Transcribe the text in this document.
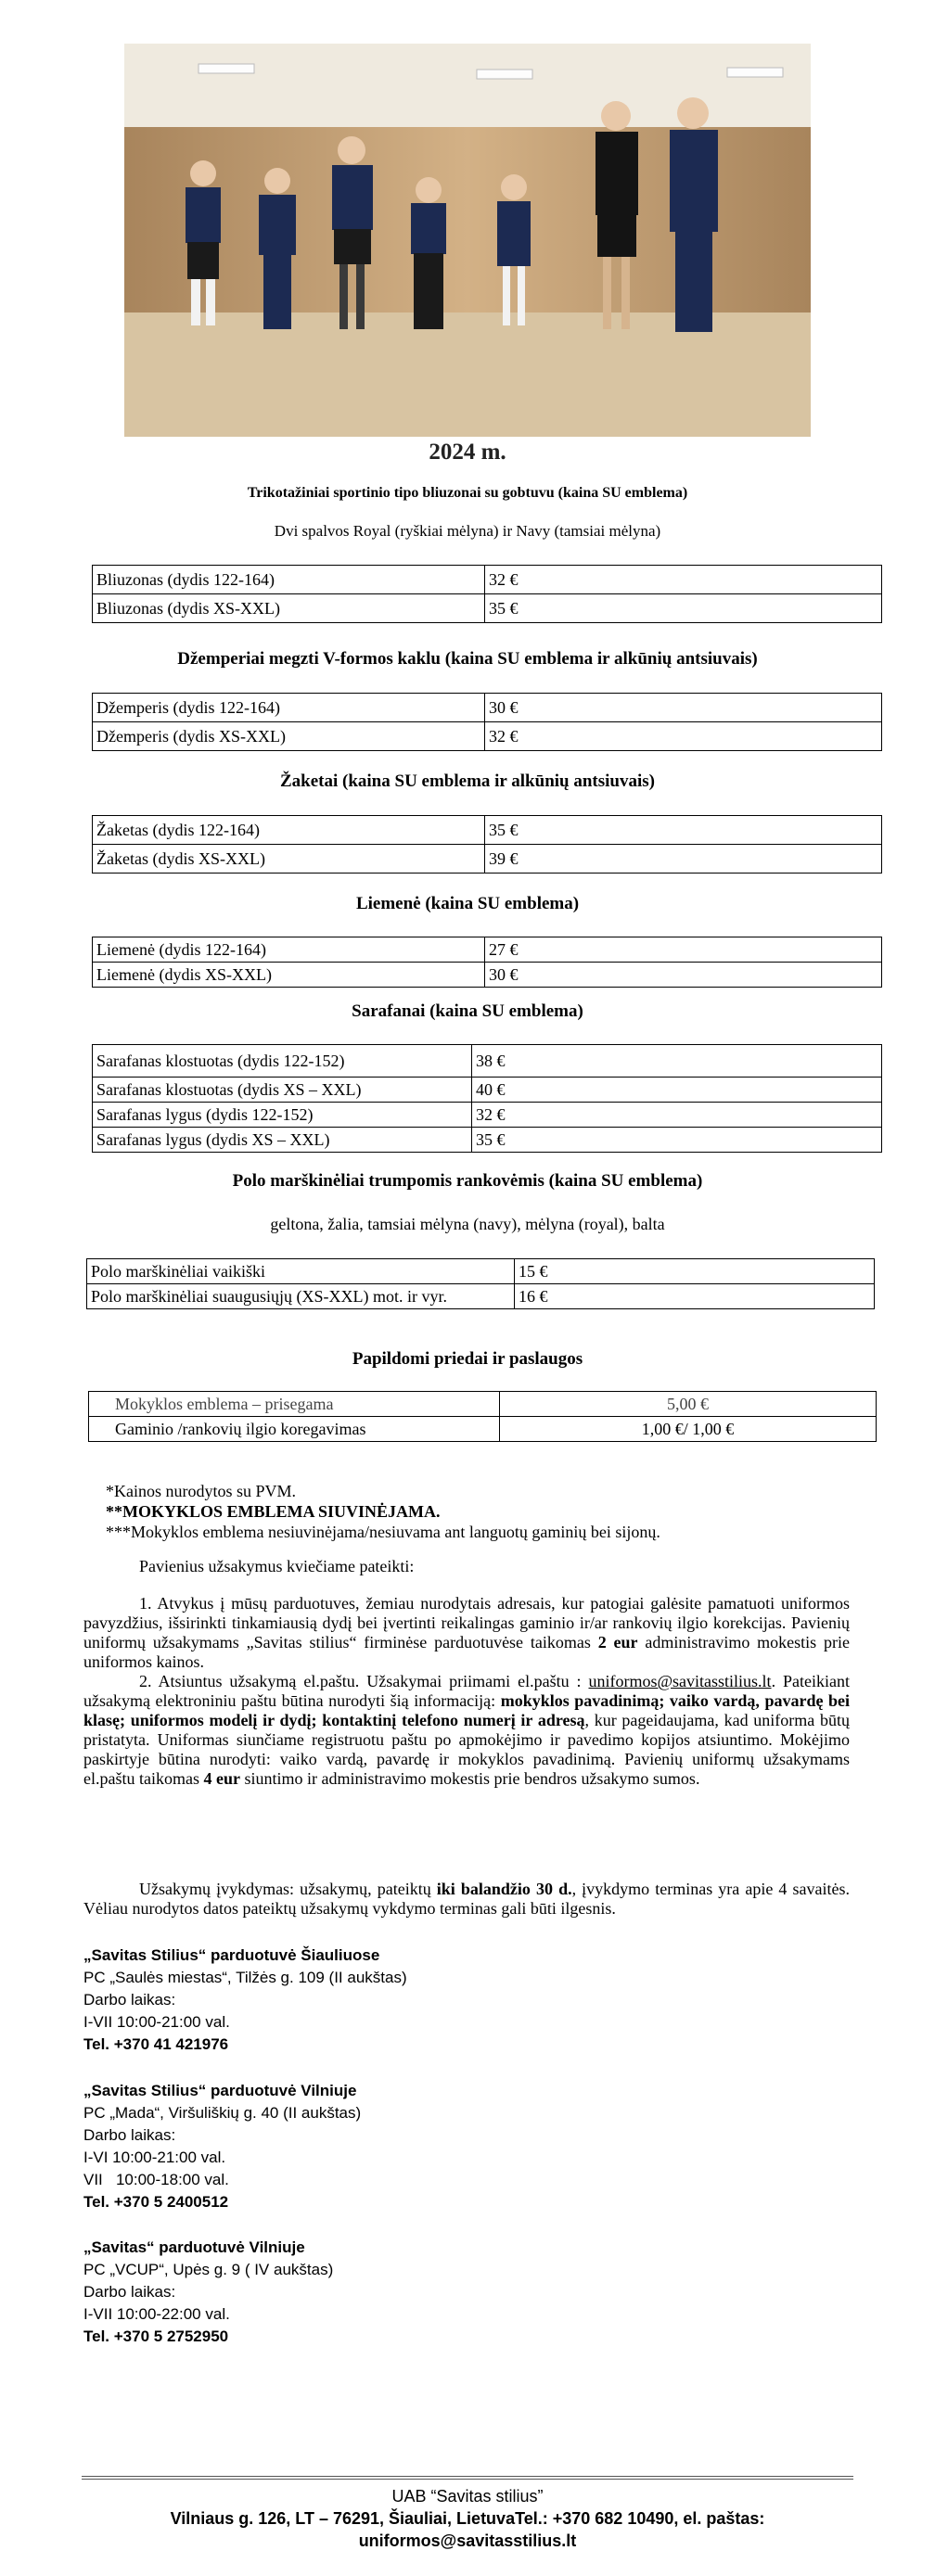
2024 m.
Trikotažiniai sportinio tipo bliuzonai su gobtuvu (kaina SU emblema)
Dvi spalvos Royal (ryškiai mėlyna) ir Navy (tamsiai mėlyna)
Bliuzonas (dydis 122-164)	32 €
Bliuzonas (dydis XS-XXL)	35 €
Džemperiai megzti V-formos kaklu (kaina SU emblema ir alkūnių antsiuvais)
Džemperis (dydis 122-164)	30 €
Džemperis (dydis XS-XXL)	32 €
Žaketai (kaina SU emblema ir alkūnių antsiuvais)
Žaketas (dydis 122-164)	35 €
Žaketas (dydis XS-XXL)	39 €
Liemenė (kaina SU emblema)
Liemenė (dydis 122-164)	27 €
Liemenė (dydis XS-XXL)	30 €
Sarafanai (kaina SU emblema)
Sarafanas klostuotas (dydis 122-152)	38 €
Sarafanas klostuotas (dydis XS – XXL)	40 €
Sarafanas lygus (dydis 122-152)	32 €
Sarafanas lygus (dydis XS – XXL)	35 €
Polo marškinėliai trumpomis rankovėmis (kaina SU emblema)
geltona, žalia, tamsiai mėlyna (navy), mėlyna (royal), balta
Polo marškinėliai vaikiški	15 €
Polo marškinėliai suaugusiųjų (XS-XXL) mot. ir vyr.	16 €
Papildomi priedai ir paslaugos
Mokyklos emblema – prisegama	5,00 €
Gaminio /rankovių ilgio koregavimas	1,00 €/ 1,00 €
*Kainos nurodytos su PVM.
**MOKYKLOS EMBLEMA SIUVINĖJAMA.
***Mokyklos emblema nesiuvinėjama/nesiuvama ant languotų gaminių bei sijonų.
Pavienius užsakymus kviečiame pateikti:

1. Atvykus į mūsų parduotuves, žemiau nurodytais adresais, kur patogiai galėsite pamatuoti uniformos pavyzdžius, išsirinkti tinkamiausią dydį bei įvertinti reikalingas gaminio ir/ar rankovių ilgio korekcijas. Pavienių uniformų užsakymams „Savitas stilius“ firminėse parduotuvėse taikomas 2 eur administravimo mokestis prie uniformos kainos.

2. Atsiuntus užsakymą el.paštu. Užsakymai priimami el.paštu : uniformos@savitasstilius.lt. Pateikiant užsakymą elektroniniu paštu būtina nurodyti šią informaciją: mokyklos pavadinimą; vaiko vardą, pavardę bei klasę; uniformos modelį ir dydį; kontaktinį telefono numerį ir adresą, kur pageidaujama, kad uniforma būtų pristatyta. Uniformas siunčiame registruotu paštu po apmokėjimo ir pavedimo kopijos atsiuntimo. Mokėjimo paskirtyje būtina nurodyti: vaiko vardą, pavardę ir mokyklos pavadinimą. Pavienių uniformų užsakymams el.paštu taikomas 4 eur siuntimo ir administravimo mokestis prie bendros užsakymo sumos.

Užsakymų įvykdymas: užsakymų, pateiktų iki balandžio 30 d., įvykdymo terminas yra apie 4 savaitės. Vėliau nurodytos datos pateiktų užsakymų vykdymo terminas gali būti ilgesnis.

„Savitas Stilius“ parduotuvė Šiauliuose
PC „Saulės miestas“, Tilžės g. 109 (II aukštas)
Darbo laikas:
I-VII 10:00-21:00 val.
Tel. +370 41 421976
„Savitas Stilius“ parduotuvė Vilniuje
PC „Mada“, Viršuliškių g. 40 (II aukštas)
Darbo laikas:
I-VI 10:00-21:00 val.
VII   10:00-18:00 val.
Tel. +370 5 2400512
„Savitas“ parduotuvė Vilniuje
PC „VCUP“, Upės g. 9 ( IV aukštas)
Darbo laikas:
I-VII 10:00-22:00 val.
Tel. +370 5 2752950
UAB “Savitas stilius”
Vilniaus g. 126, LT – 76291, Šiauliai, LietuvaTel.: +370 682 10490, el. paštas:
uniformos@savitasstilius.lt
